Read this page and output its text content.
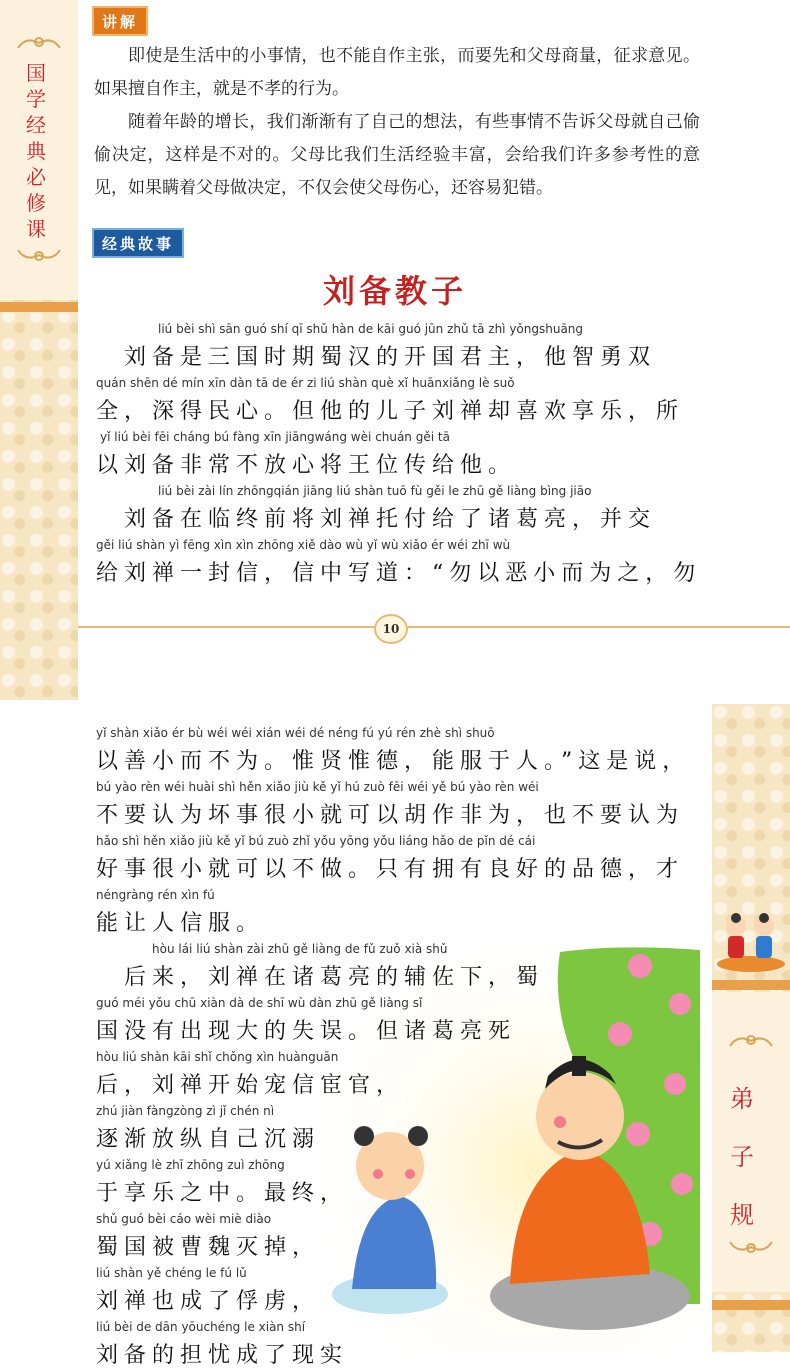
国
学
经
典
必
修
课
讲解

即使是生活中的小事情，也不能自作主张，而要先和父母商量，征求意见。如果擅自作主，就是不孝的行为。

随着年龄的增长，我们渐渐有了自己的想法，有些事情不告诉父母就自己偷偷决定，这样是不对的。父母比我们生活经验丰富，会给我们许多参考性的意见，如果瞒着父母做决定，不仅会使父母伤心，还容易犯错。

经典故事
刘备教子
liú bèi shì sān guó shí qī shǔ hàn de kāi guó jūn zhǔ tā zhì yǒngshuāng
　刘备是三国时期蜀汉的开国君主，他智勇双
quán shēn dé mín xīn dàn tā de ér zi liú shàn què xǐ huānxiǎng lè suǒ
全，深得民心。但他的儿子刘禅却喜欢享乐，所
yǐ liú bèi fēi cháng bú fàng xīn jiāngwáng wèi chuán gěi tā
以刘备非常不放心将王位传给他。
liú bèi zài lín zhōngqián jiāng liú shàn tuō fù gěi le zhū gě liàng bìng jiāo
　刘备在临终前将刘禅托付给了诸葛亮，并交
gěi liú shàn yì fēng xìn xìn zhōng xiě dào wù yǐ wù xiǎo ér wéi zhī wù
给刘禅一封信，信中写道：“勿以恶小而为之，勿
10
弟
子
规
yǐ shàn xiǎo ér bù wéi wéi xián wéi dé néng fú yú rén zhè shì shuō
以善小而不为。惟贤惟德，能服于人。”这是说，
bú yào rèn wéi huài shì hěn xiǎo jiù kě yǐ hú zuò fēi wéi yě bú yào rèn wéi
不要认为坏事很小就可以胡作非为，也不要认为
hǎo shì hěn xiǎo jiù kě yǐ bú zuò zhǐ yǒu yōng yǒu liáng hǎo de pǐn dé cái
好事很小就可以不做。只有拥有良好的品德，才
néngràng rén xìn fú
能让人信服。
hòu lái liú shàn zài zhū gě liàng de fǔ zuǒ xià shǔ
　后来，刘禅在诸葛亮的辅佐下，蜀
guó méi yǒu chū xiàn dà de shī wù dàn zhū gě liàng sǐ
国没有出现大的失误。但诸葛亮死
hòu liú shàn kāi shǐ chǒng xìn huànguān
后，刘禅开始宠信宦官，
zhú jiàn fàngzòng zì jǐ chén nì
逐渐放纵自己沉溺
yú xiǎng lè zhī zhōng zuì zhōng
于享乐之中。最终，
shǔ guó bèi cáo wèi miè diào
蜀国被曹魏灭掉，
liú shàn yě chéng le fú lǔ
刘禅也成了俘虏，
liú bèi de dān yōuchéng le xiàn shí
刘备的担忧成了现实
